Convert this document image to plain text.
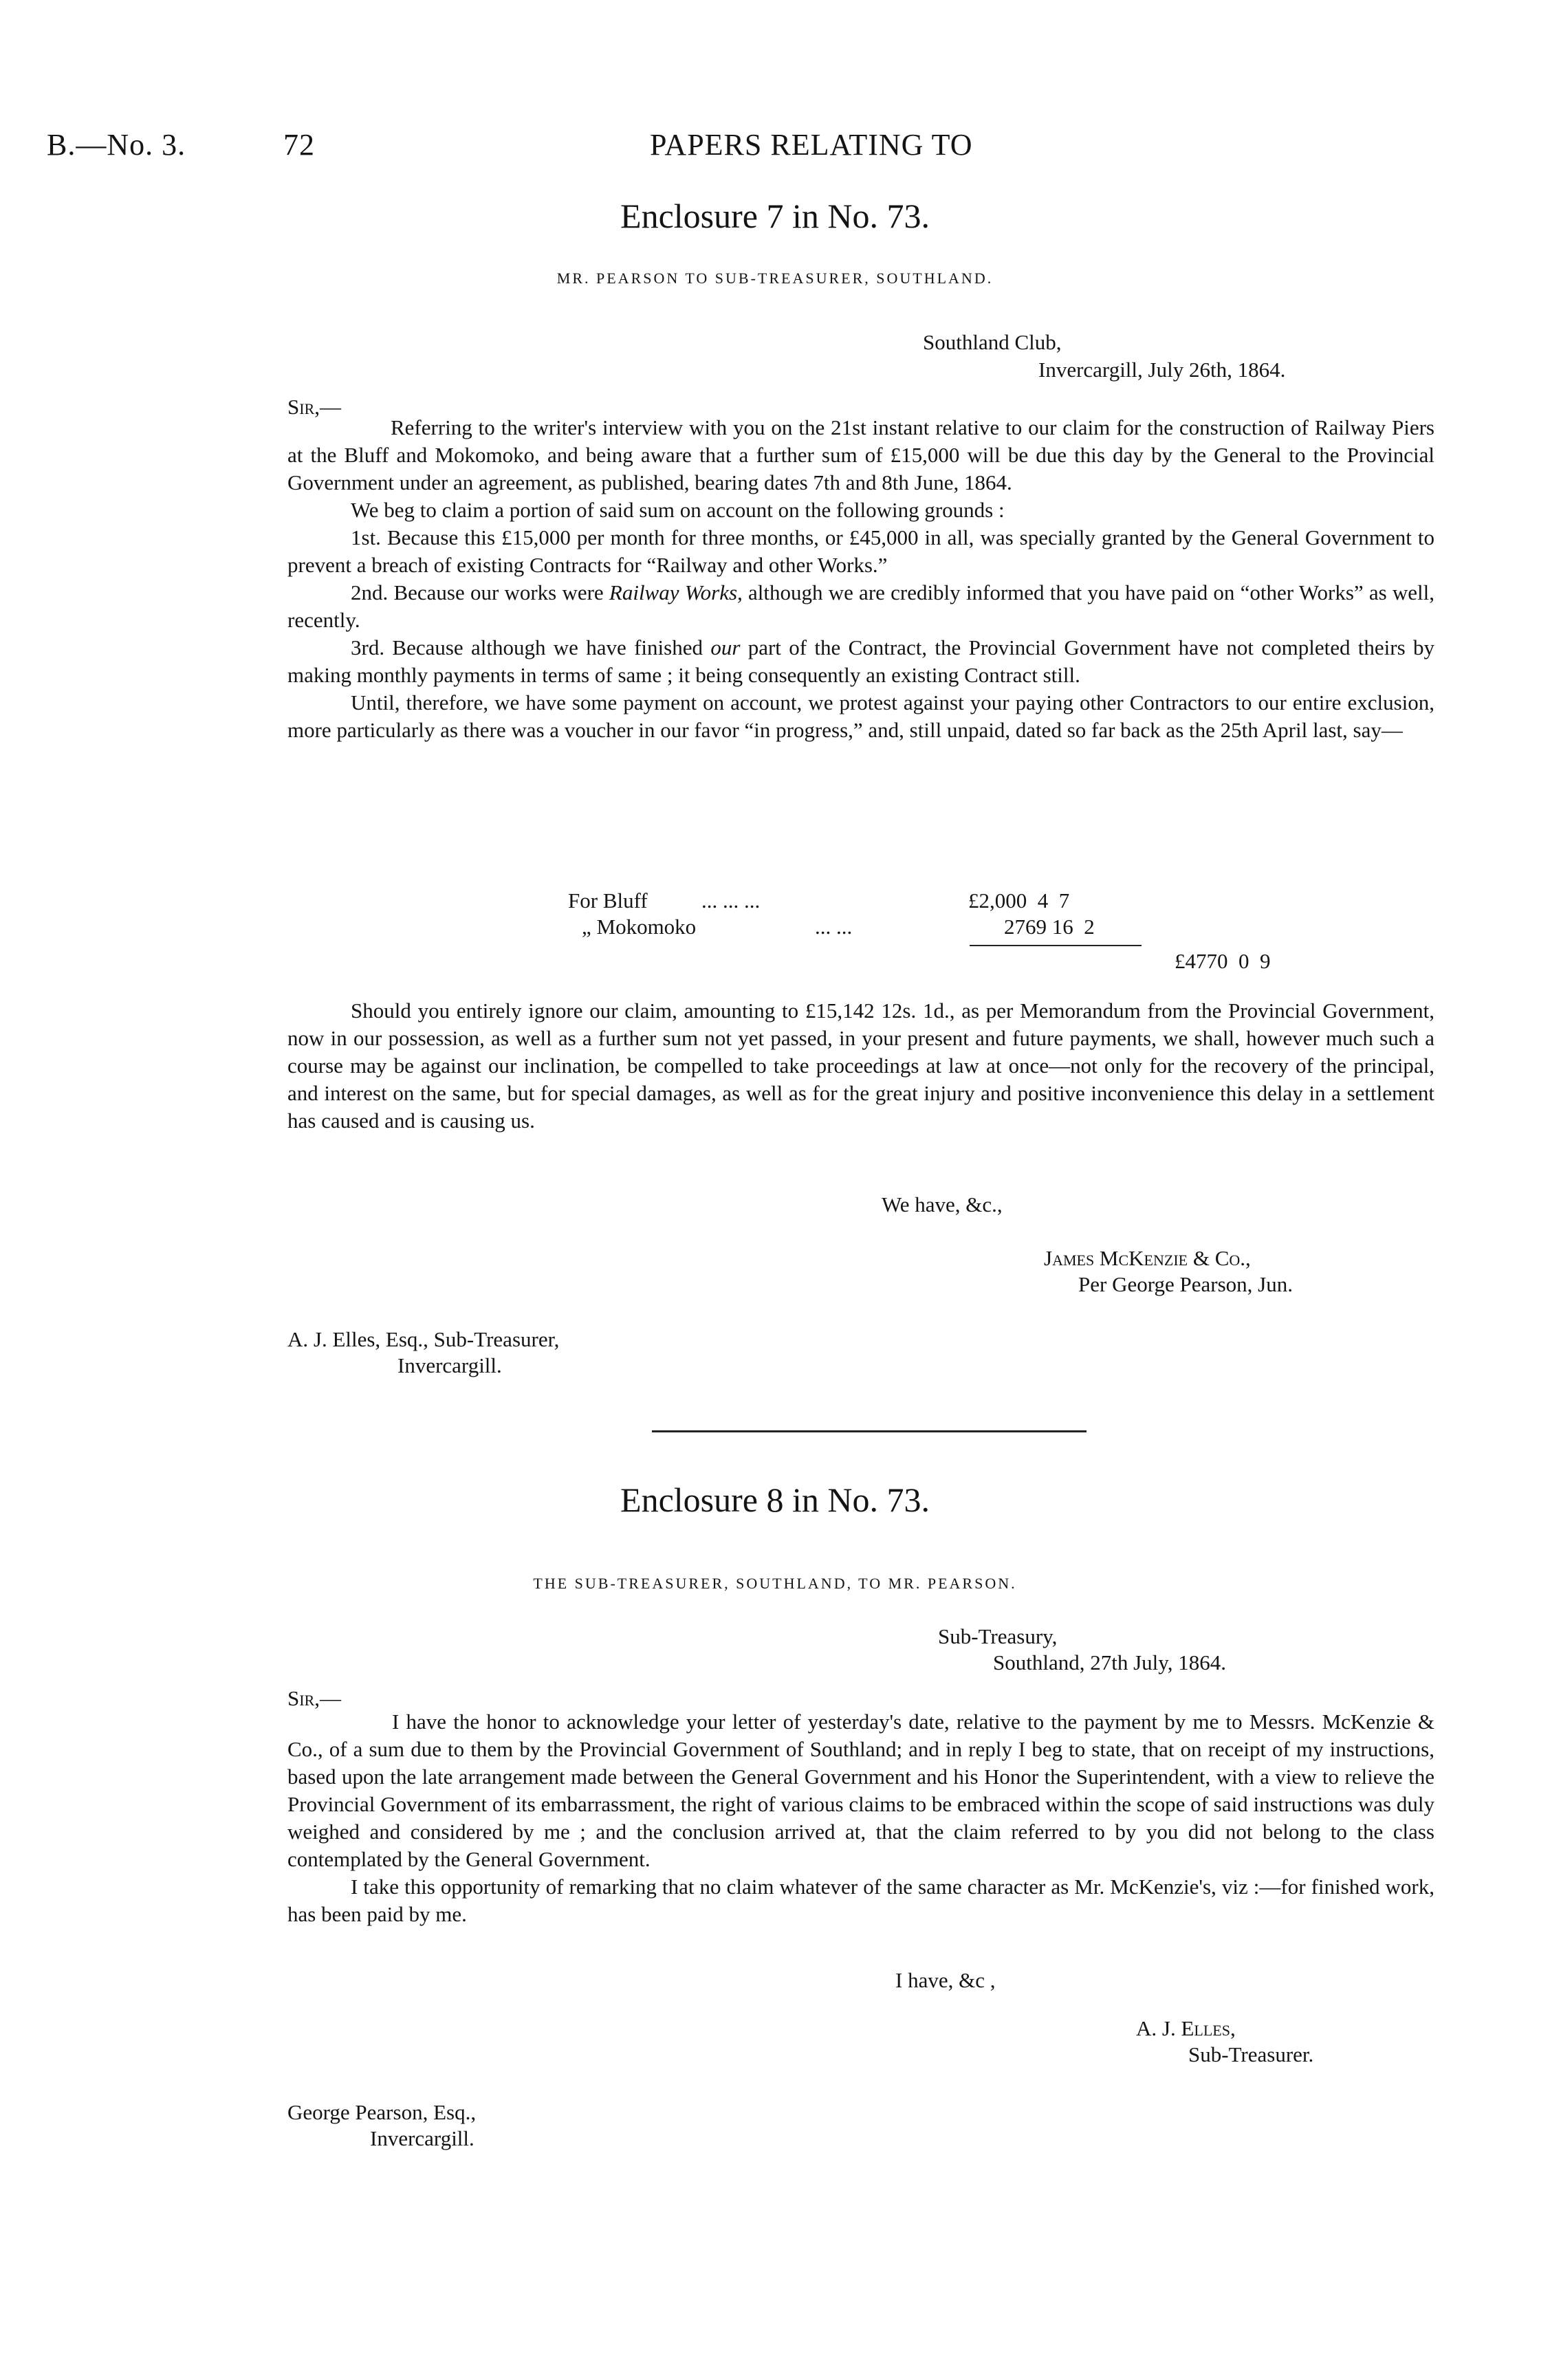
B.—No. 3.	72	PAPERS RELATING TO
Enclosure 7 in No. 73.
MR. PEARSON TO SUB-TREASURER, SOUTHLAND.
Southland Club,
Invercargill, July 26th, 1864.
Sir,—
Referring to the writer's interview with you on the 21st instant relative to our claim for the construction of Railway Piers at the Bluff and Mokomoko, and being aware that a further sum of £15,000 will be due this day by the General to the Provincial Government under an agreement, as published, bearing dates 7th and 8th June, 1864.
We beg to claim a portion of said sum on account on the following grounds :
1st. Because this £15,000 per month for three months, or £45,000 in all, was specially granted by the General Government to prevent a breach of existing Contracts for “Railway and other Works.”
2nd. Because our works were Railway Works, although we are credibly informed that you have paid on “other Works” as well, recently.
3rd. Because although we have finished our part of the Contract, the Provincial Government have not completed theirs by making monthly payments in terms of same ; it being consequently an existing Contract still.
Until, therefore, we have some payment on account, we protest against your paying other Contractors to our entire exclusion, more particularly as there was a voucher in our favor “in progress,” and, still unpaid, dated so far back as the 25th April last, say—
For Bluff	... ... ...	£2,000  4  7
„ Mokomoko	... ...	2769 16  2
£4770  0  9
Should you entirely ignore our claim, amounting to £15,142 12s. 1d., as per Memorandum from the Provincial Government, now in our possession, as well as a further sum not yet passed, in your present and future payments, we shall, however much such a course may be against our inclination, be compelled to take proceedings at law at once—not only for the recovery of the principal, and interest on the same, but for special damages, as well as for the great injury and positive inconvenience this delay in a settlement has caused and is causing us.
We have, &c.,
James McKenzie & Co.,
Per George Pearson, Jun.
A. J. Elles, Esq., Sub-Treasurer,
Invercargill.
Enclosure 8 in No. 73.
THE SUB-TREASURER, SOUTHLAND, TO MR. PEARSON.
Sub-Treasury,
Southland, 27th July, 1864.
Sir,—
I have the honor to acknowledge your letter of yesterday's date, relative to the payment by me to Messrs. McKenzie & Co., of a sum due to them by the Provincial Government of Southland; and in reply I beg to state, that on receipt of my instructions, based upon the late arrangement made between the General Government and his Honor the Superintendent, with a view to relieve the Provincial Government of its embarrassment, the right of various claims to be embraced within the scope of said instructions was duly weighed and considered by me ; and the conclusion arrived at, that the claim referred to by you did not belong to the class contemplated by the General Government.
I take this opportunity of remarking that no claim whatever of the same character as Mr. McKenzie's, viz :—for finished work, has been paid by me.
I have, &c ,
A. J. Elles,
Sub-Treasurer.
George Pearson, Esq.,
Invercargill.
